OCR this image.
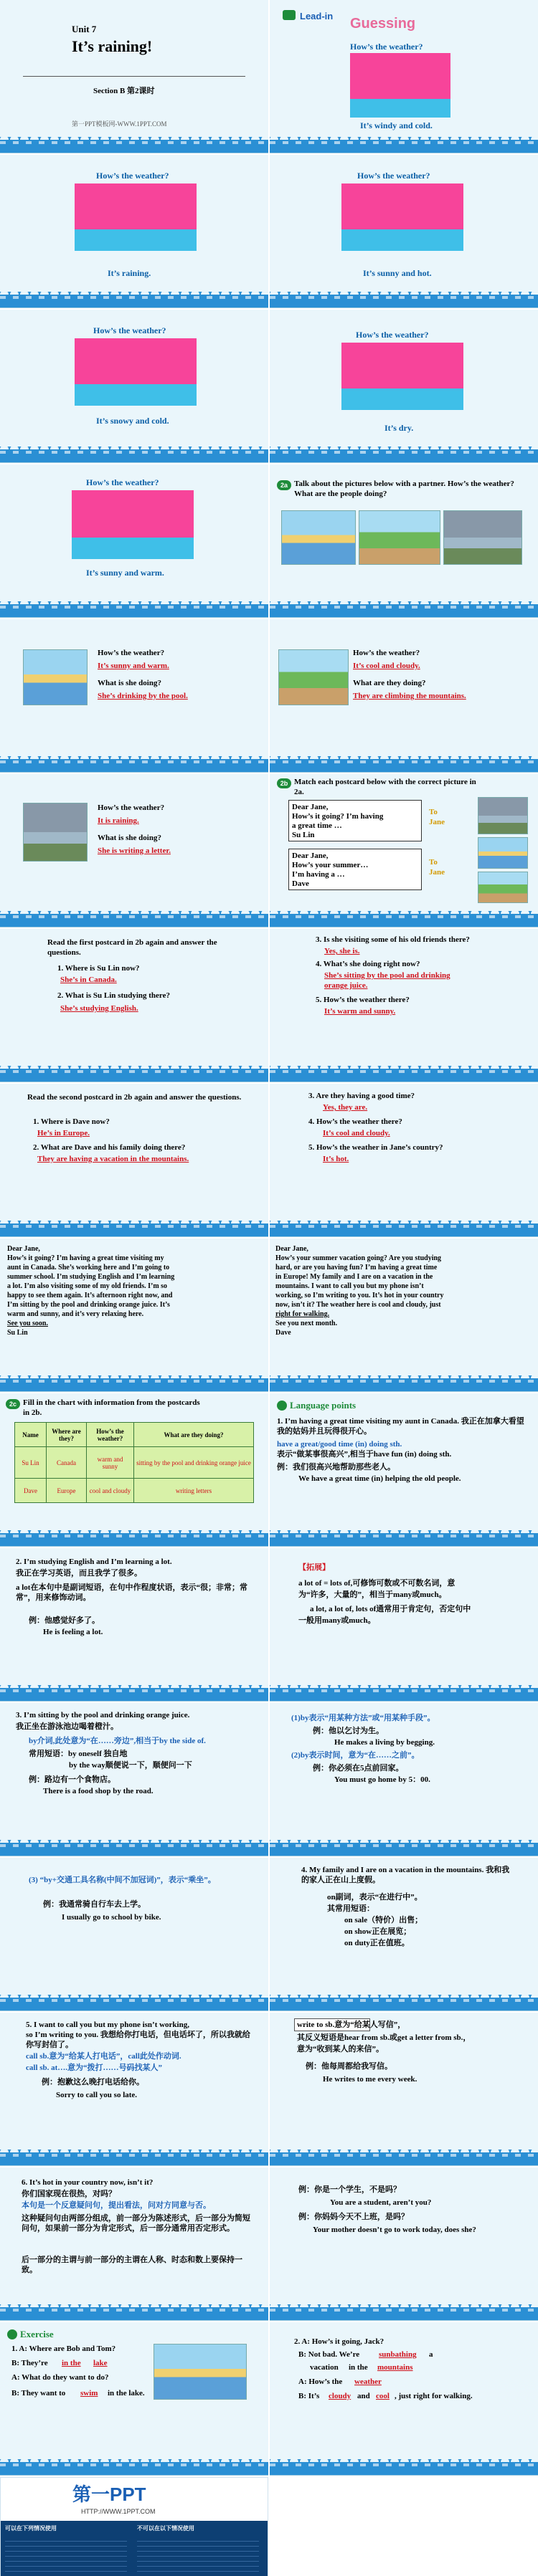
Unit 7
It’s raining!
Section B 第2课时
第一PPT模板网-WWW.1PPT.COM
Lead-in Guessing
How’s the weather?
It’s windy and cold.
How’s the weather?
It’s raining.
How’s the weather?
It’s sunny and hot.
How’s the weather?
It’s snowy and cold.
How’s the weather?
It’s dry.
How’s the weather?
It’s sunny and warm.
2a Talk about the pictures below with a partner. How’s the weather? What are the people doing?
How’s the weather?
It’s sunny and warm.
What is she doing?
She’s drinking by the pool.
How’s the weather?
It’s cool and cloudy.
What are they doing?
They are climbing the mountains.
How’s the weather?
It is raining.
What is she doing?
She is writing a letter.
2b Match each postcard below with the correct picture in 2a.
Dear Jane,
How’s it going? I’m having
a great time …
Su Lin
To Jane
Dear Jane,
How’s your summer…
I’m having a …
Dave
To Jane
Read the first postcard in 2b again and answer the questions.
1. Where is Su Lin now?
She’s in Canada.
2. What is Su Lin studying there?
She’s studying English.
3. Is she visiting some of his old friends there?
Yes, she is.
4. What’s she doing right now?
She’s sitting by the pool and drinking
orange juice.
5. How’s the weather there?
It’s warm and sunny.
Read the second postcard in 2b again and answer the questions.
1. Where is Dave now?
He’s in Europe.
2. What are Dave and his family doing there?
They are having a vacation in the mountains.
3. Are they having a good time?
Yes, they are.
4. How’s the weather there?
It’s cool and cloudy.
5. How’s the weather in Jane’s country?
It’s hot.
Dear Jane,
How’s it going? I’m having a great time visiting my
aunt in Canada. She’s working here and I’m going to
summer school. I’m studying English and I’m learning
a lot. I’m also visiting some of my old friends. I’m so
happy to see them again. It’s afternoon right now, and
I’m sitting by the pool and drinking orange juice. It’s
warm and sunny, and it’s very relaxing here.
See you soon.
Su Lin
Dear Jane,
How’s your summer vacation going? Are you studying
hard, or are you having fun? I’m having a great time
in Europe! My family and I are on a vacation in the
mountains. I want to call you but my phone isn’t
working, so I’m writing to you. It’s hot in your country
now, isn’t it? The weather here is cool and cloudy, just
right for walking.
See you next month.
Dave
2c Fill in the chart with information from the postcards in 2b.
Name	Where are they?	How’s the weather?	What are they doing?
Su Lin	Canada	warm and sunny	sitting by the pool and drinking orange juice
Dave	Europe	cool and cloudy	writing letters
Language points
1. I’m having a great time visiting my aunt in Canada. 我正在加拿大看望我的姑妈并且玩得很开心。
have a great/good time (in) doing sth.
表示“做某事很高兴”,相当于have fun (in) doing sth.
例：我们很高兴地帮助那些老人。
We have a great time (in) helping the old people.
2. I’m studying English and I’m learning a lot.
我正在学习英语，而且我学了很多。
a lot在本句中是副词短语，在句中作程度状语，表示“很；非常；常常”，用来修饰动词。
例：他感觉好多了。
He is feeling a lot.
【拓展】
a lot of = lots of,可修饰可数或不可数名词，意
为“许多，大量的”，相当于many或much。
a lot, a lot of, lots of通常用于肯定句，否定句中
一般用many或much。
3. I’m sitting by the pool and drinking orange juice.
我正坐在游泳池边喝着橙汁。
by介词,此处意为“在……旁边”,相当于by the side of.
常用短语：by oneself 独自地
by the way顺便说一下，顺便问一下
例：路边有一个食物店。
There is a food shop by the road.
(1)by表示“用某种方法”或“用某种手段”。
例：他以乞讨为生。
He makes a living by begging.
(2)by表示时间，意为“在……之前”。
例：你必须在5点前回家。
You must go home by 5：00.
(3) “by+交通工具名称(中间不加冠词)”，表示“乘坐”。
例：我通常骑自行车去上学。
I usually go to school by bike.
4. My family and I are on a vacation in the mountains. 我和我的家人正在山上度假。
on副词，表示“在进行中”。
其常用短语：
on sale（特价）出售；
on show正在展览；
on duty正在值班。
5. I want to call you but my phone isn’t working,
so I’m writing to you. 我想给你打电话，但电话坏了，所以我就给你写封信了。
call sb.意为“给某人打电话”，call此处作动词.
call sb. at….意为“拨打……号码找某人”
例：抱歉这么晚打电话给你。
Sorry to call you so late.
write to sb.意为“给某人写信”，
其反义短语是hear from sb.或get a letter from sb.，
意为“收到某人的来信”。
例：他每周都给我写信。
He writes to me every week.
6. It’s hot in your country now, isn’t it?
你们国家现在很热，对吗？
本句是一个反意疑问句，提出看法，问对方同意与否。
这种疑问句由两部分组成，前一部分为陈述形式，后一部分为简短问句，如果前一部分为肯定形式，后一部分通常用否定形式。
后一部分的主谓与前一部分的主谓在人称、时态和数上要保持一致。
例：你是一个学生，不是吗？
You are a student, aren’t you?
例：你妈妈今天不上班，是吗？
Your mother doesn’t go to work today, does she?
Exercise
1. A: Where are Bob and Tom?
B: They’re in the lake
A: What do they want to do?
B: They want to swim in the lake.
2. A: How’s it going, Jack?
B: Not bad. We’re sunbathing a
vacation in the mountains
A: How’s the weather
B: It’s cloudy and cool , just right for walking.
第一PPT
HTTP://WWW.1PPT.COM
可以在下列情况使用	不可以在以下情况使用
